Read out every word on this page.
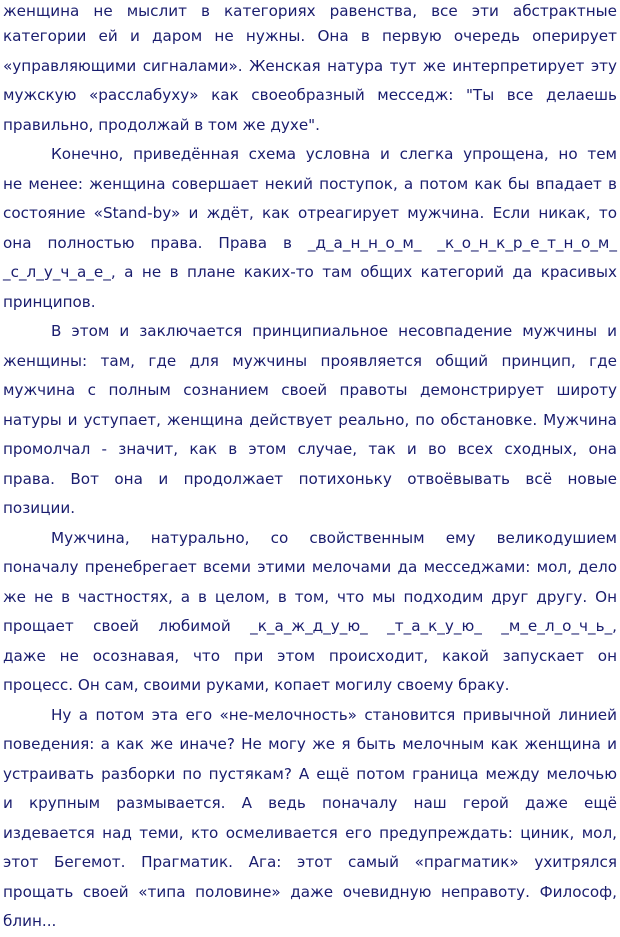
женщина не мыслит в категориях равенства, все эти абстрактные
категории ей и даром не нужны. Она в первую очередь оперирует
«управляющими сигналами». Женская натура тут же интерпретирует эту
мужскую «расслабуху» как своеобразный месседж: "Ты все делаешь
правильно, продолжай в том же духе".
Конечно, приведённая схема условна и слегка упрощена, но тем
не менее: женщина совершает некий поступок, а потом как бы впадает в
состояние «Stand-by» и ждёт, как отреагирует мужчина. Если никак, то
она полностью права. Права в _д_а_н_н_о_м_ _к_о_н_к_р_е_т_н_о_м_
_с_л_у_ч_а_е_, а не в плане каких-то там общих категорий да красивых
принципов.
В этом и заключается принципиальное несовпадение мужчины и
женщины: там, где для мужчины проявляется общий принцип, где
мужчина с полным сознанием своей правоты демонстрирует широту
натуры и уступает, женщина действует реально, по обстановке. Мужчина
промолчал - значит, как в этом случае, так и во всех сходных, она
права. Вот она и продолжает потихоньку отвоёвывать всё новые
позиции.
Мужчина, натурально, со свойственным ему великодушием
поначалу пренебрегает всеми этими мелочами да месседжами: мол, дело
же не в частностях, а в целом, в том, что мы подходим друг другу. Он
прощает своей любимой _к_а_ж_д_у_ю_ _т_а_к_у_ю_ _м_е_л_о_ч_ь_,
даже не осознавая, что при этом происходит, какой запускает он
процесс. Он сам, своими руками, копает могилу своему браку.
Ну а потом эта его «не-мелочность» становится привычной линией
поведения: а как же иначе? Не могу же я быть мелочным как женщина и
устраивать разборки по пустякам? А ещё потом граница между мелочью
и крупным размывается. А ведь поначалу наш герой даже ещё
издевается над теми, кто осмеливается его предупреждать: циник, мол,
этот Бегемот. Прагматик. Ага: этот самый «прагматик» ухитрялся
прощать своей «типа половине» даже очевидную неправоту. Философ,
блин...
